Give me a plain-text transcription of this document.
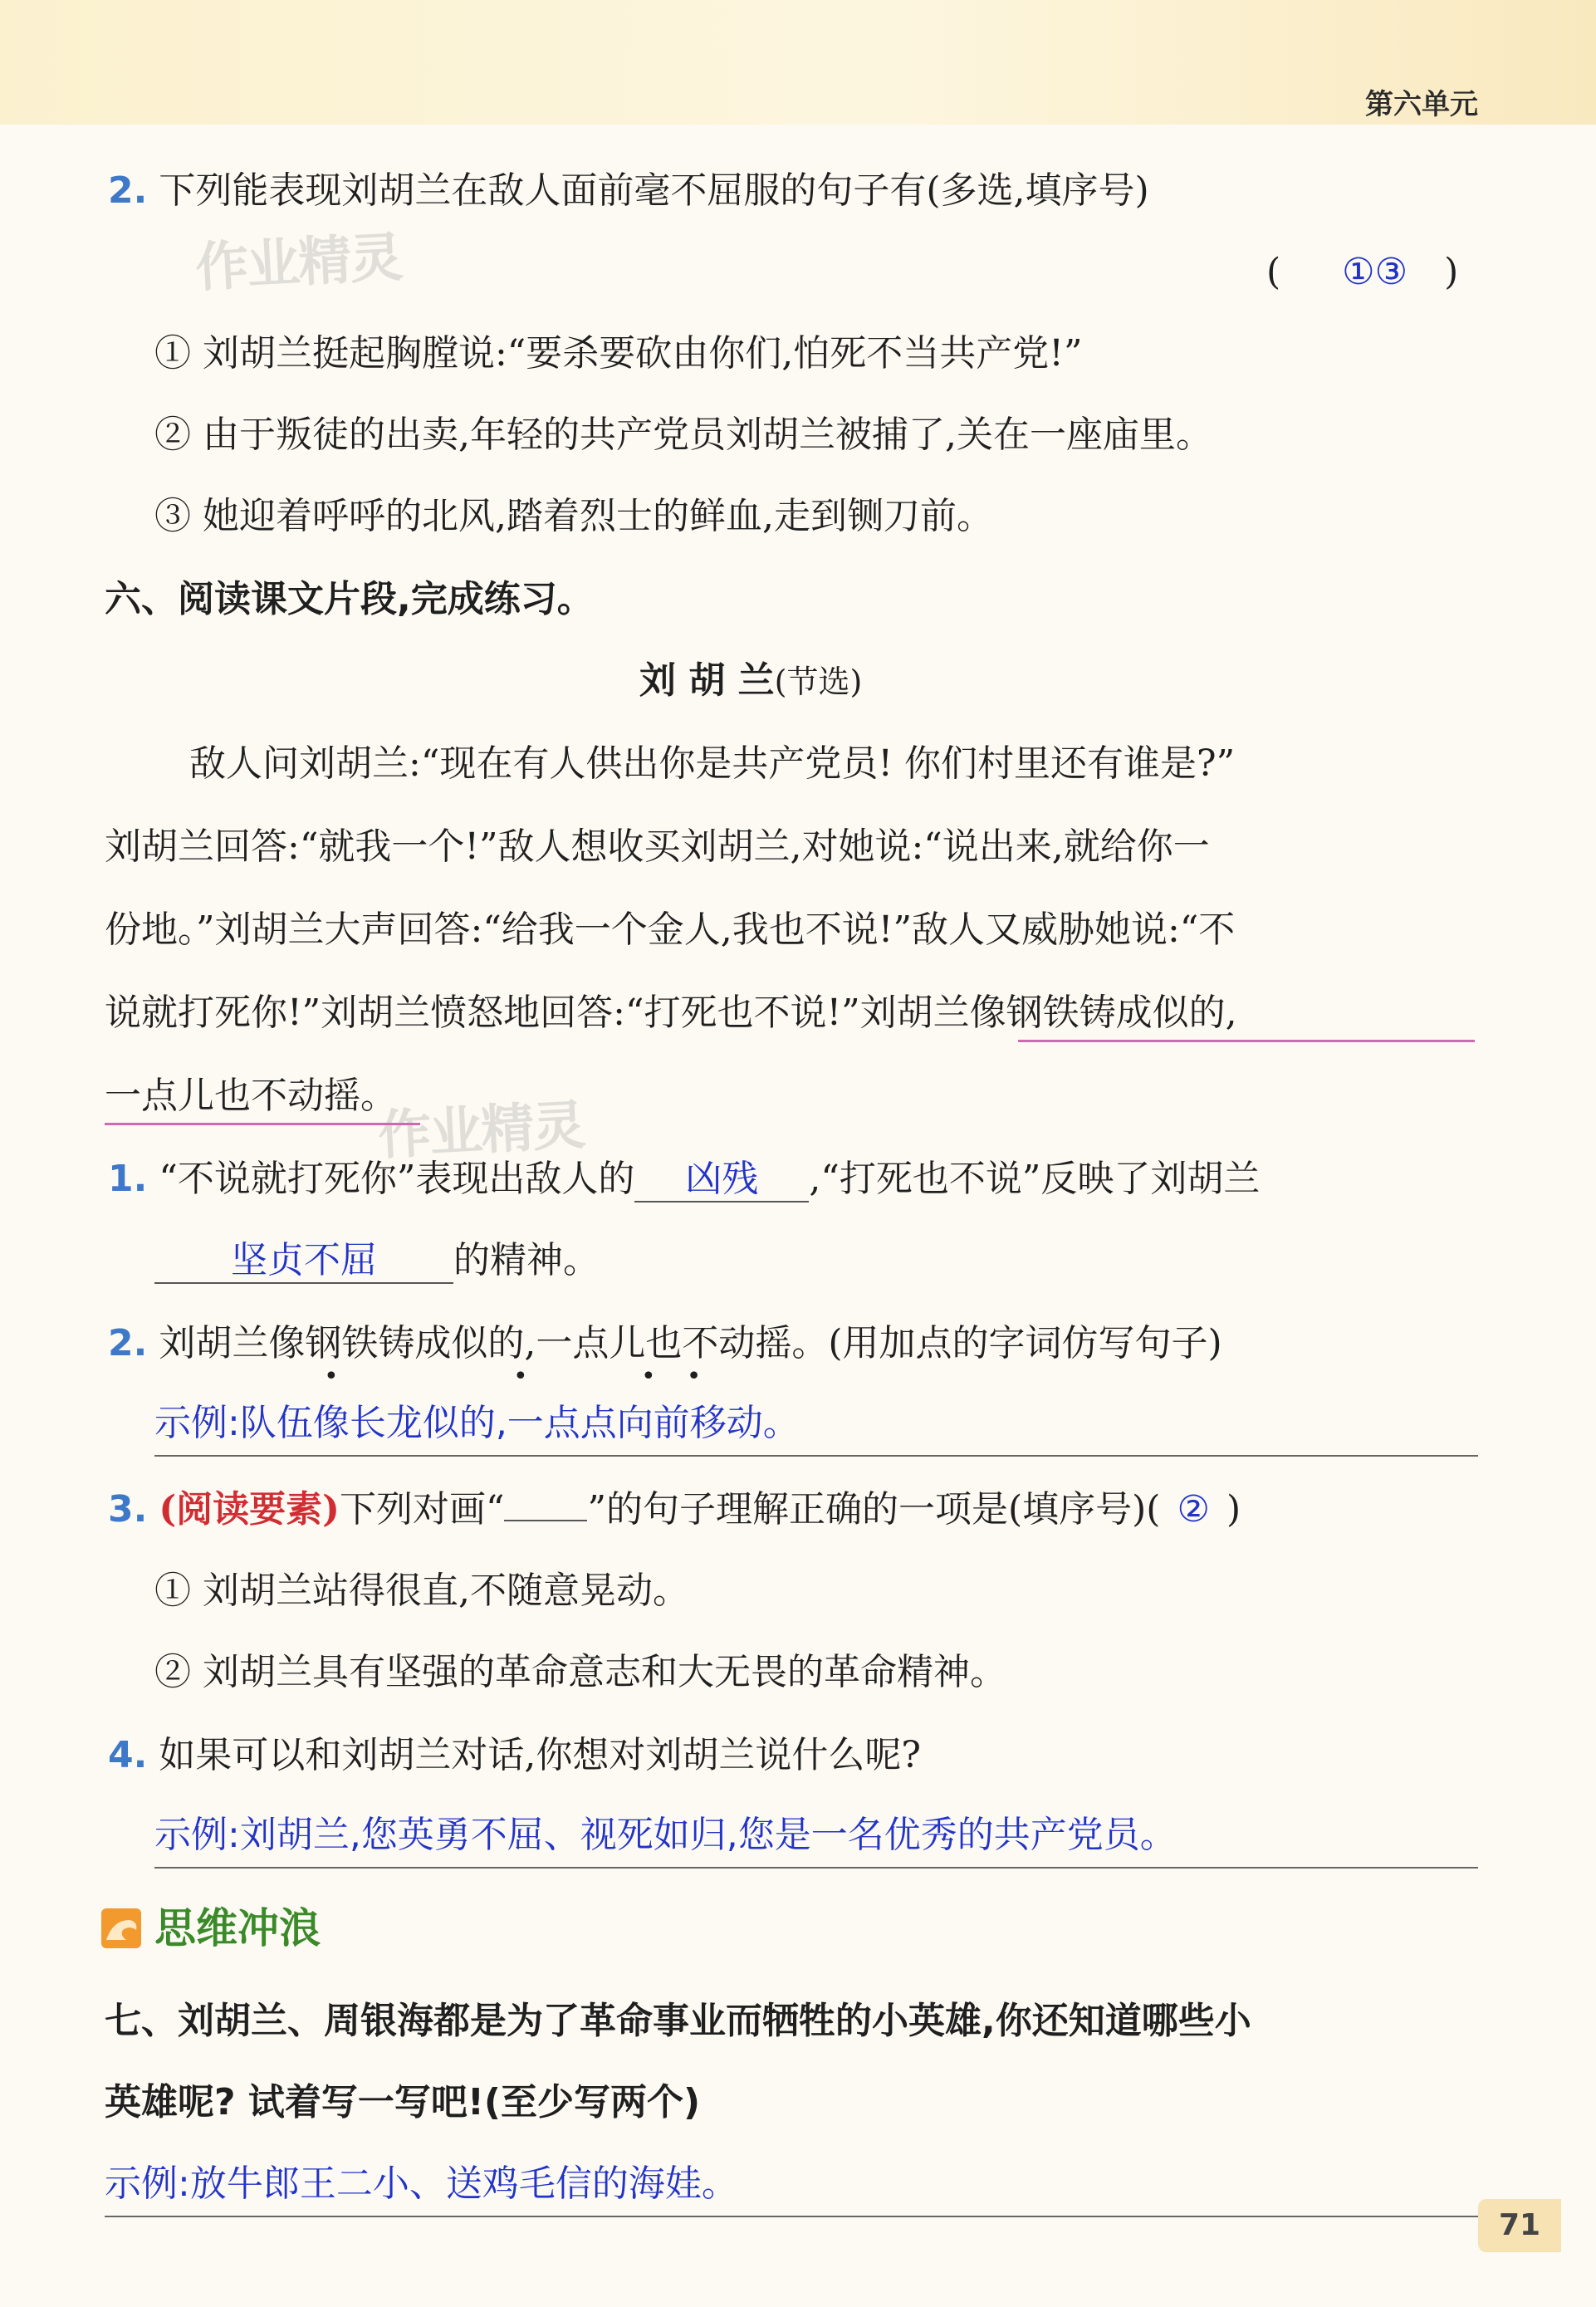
第六单元
作业精灵
作业精灵
2. 下列能表现刘胡兰在敌人面前毫不屈服的句子有(多选,填序号)
( ①③ )
① 刘胡兰挺起胸膛说:“要杀要砍由你们,怕死不当共产党!”
② 由于叛徒的出卖,年轻的共产党员刘胡兰被捕了,关在一座庙里。
③ 她迎着呼呼的北风,踏着烈士的鲜血,走到铡刀前。
六、阅读课文片段,完成练习。
刘 胡 兰(节选)
敌人问刘胡兰:“现在有人供出你是共产党员! 你们村里还有谁是?”
刘胡兰回答:“就我一个!”敌人想收买刘胡兰,对她说:“说出来,就给你一
份地。”刘胡兰大声回答:“给我一个金人,我也不说!”敌人又威胁她说:“不
说就打死你!”刘胡兰愤怒地回答:“打死也不说!”刘胡兰像钢铁铸成似的,
一点儿也不动摇。
1. “不说就打死你”表现出敌人的 凶残 ,“打死也不说”反映了刘胡兰
坚贞不屈 的精神。
2. 刘胡兰像钢铁铸成似的,一点儿也不动摇。(用加点的字词仿写句子)
•	•	•        •
示例:队伍像长龙似的,一点点向前移动。
3. (阅读要素)下列对画“ ”的句子理解正确的一项是(填序号)( ② )
① 刘胡兰站得很直,不随意晃动。
② 刘胡兰具有坚强的革命意志和大无畏的革命精神。
4. 如果可以和刘胡兰对话,你想对刘胡兰说什么呢?
示例:刘胡兰,您英勇不屈、视死如归,您是一名优秀的共产党员。
思维冲浪
七、刘胡兰、周银海都是为了革命事业而牺牲的小英雄,你还知道哪些小
英雄呢? 试着写一写吧!(至少写两个)
示例:放牛郎王二小、送鸡毛信的海娃。
71
